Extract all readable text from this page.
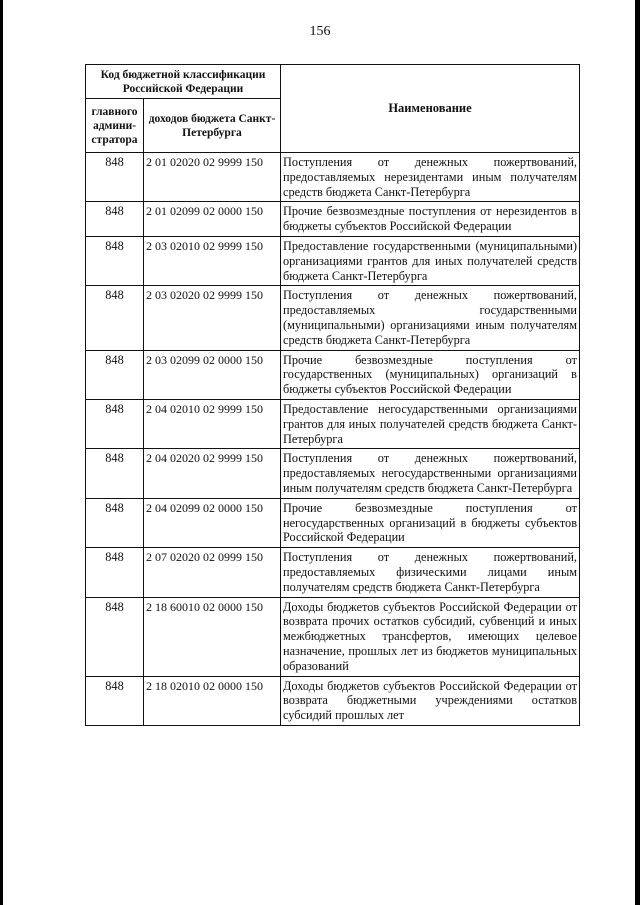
156
Код бюджетной классификации Российской Федерации		Наименование
главного админи-стратора	доходов бюджета Санкт-Петербурга	
848	2 01 02020 02 9999 150	Поступления от денежных пожертвований, предоставляемых нерезидентами иным получателям средств бюджета Санкт-Петербурга
848	2 01 02099 02 0000 150	Прочие безвозмездные поступления от нерезидентов в бюджеты субъектов Российской Федерации
848	2 03 02010 02 9999 150	Предоставление государственными (муниципальными) организациями грантов для иных получателей средств бюджета Санкт-Петербурга
848	2 03 02020 02 9999 150	Поступления от денежных пожертвований, предоставляемых государственными (муниципальными) организациями иным получателям средств бюджета Санкт-Петербурга
848	2 03 02099 02 0000 150	Прочие безвозмездные поступления от государственных (муниципальных) организаций в бюджеты субъектов Российской Федерации
848	2 04 02010 02 9999 150	Предоставление негосударственными организациями грантов для иных получателей средств бюджета Санкт-Петербурга
848	2 04 02020 02 9999 150	Поступления от денежных пожертвований, предоставляемых негосударственными организациями иным получателям средств бюджета Санкт-Петербурга
848	2 04 02099 02 0000 150	Прочие безвозмездные поступления от негосударственных организаций в бюджеты субъектов Российской Федерации
848	2 07 02020 02 0999 150	Поступления от денежных пожертвований, предоставляемых физическими лицами иным получателям средств бюджета Санкт-Петербурга
848	2 18 60010 02 0000 150	Доходы бюджетов субъектов Российской Федерации от возврата прочих остатков субсидий, субвенций и иных межбюджетных трансфертов, имеющих целевое назначение, прошлых лет из бюджетов муниципальных образований
848	2 18 02010 02 0000 150	Доходы бюджетов субъектов Российской Федерации от возврата бюджетными учреждениями остатков субсидий прошлых лет
